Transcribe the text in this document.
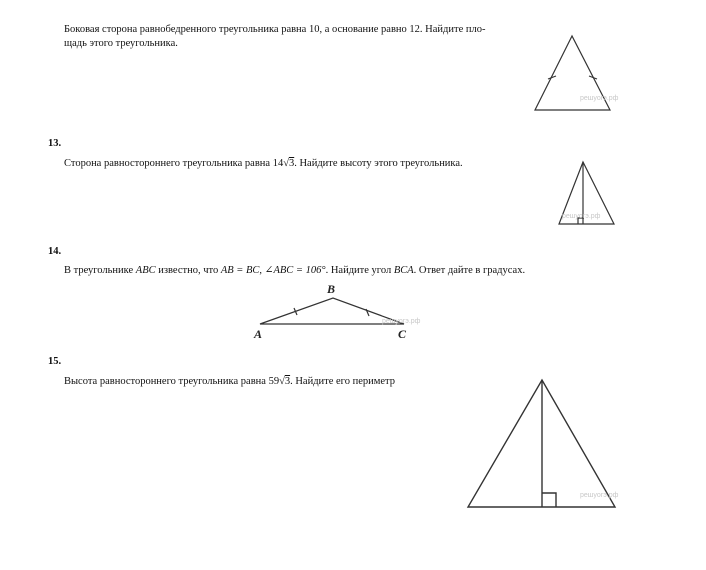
Боковая сторона равнобедренного треугольника равна 10, а основание равно 12. Найдите пло-
щадь этого треугольника.
13.
Сторона равностороннего треугольника равна 14√3. Найдите высоту этого треугольника.
14.
В треугольнике ABC известно, что AB = BC, ∠ABC = 106°. Найдите угол BCA. Ответ дайте в градусах.
15.
Высота равностороннего треугольника равна 59√3. Найдите его периметр
решуогэ.рф
решуогэ.рф
A
B
C
решуогэ.рф
решуогэ.рф
